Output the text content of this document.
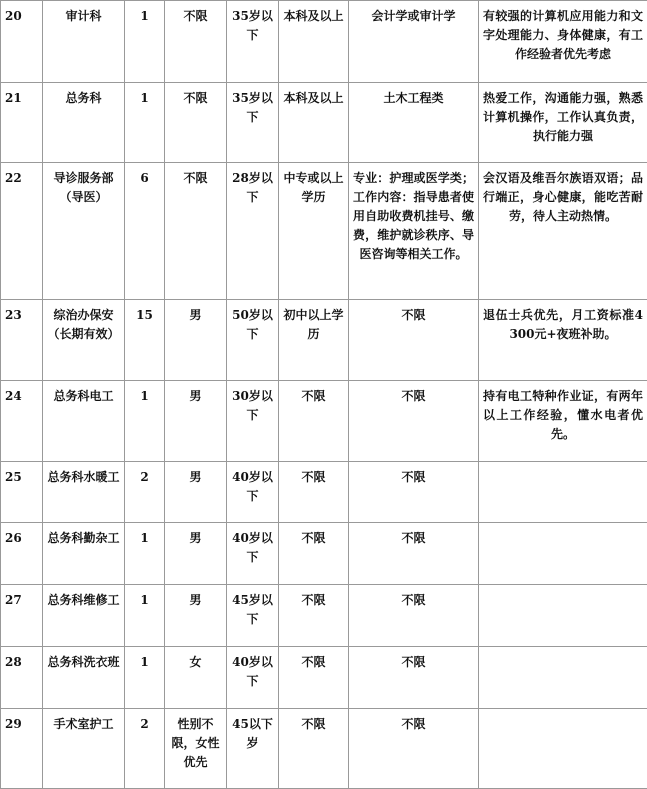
20	审计科	1	不限	35岁以下	本科及以上	会计学或审计学	有较强的计算机应用能力和文字处理能力、身体健康，有工作经验者优先考虑
21	总务科	1	不限	35岁以下	本科及以上	土木工程类	热爱工作，沟通能力强，熟悉计算机操作，工作认真负责，执行能力强
22	导诊服务部（导医）	6	不限	28岁以下	中专或以上学历	专业：护理或医学类；工作内容：指导患者使用自助收费机挂号、缴费，维护就诊秩序、导医咨询等相关工作。	会汉语及维吾尔族语双语；品行端正，身心健康，能吃苦耐劳，待人主动热情。
23	综治办保安（长期有效）	15	男	50岁以下	初中以上学历	不限	退伍士兵优先，月工资标准4300元+夜班补助。
24	总务科电工	1	男	30岁以下	不限	不限	持有电工特种作业证，有两年以上工作经验，懂水电者优先。
25	总务科水暖工	2	男	40岁以下	不限	不限	
26	总务科勤杂工	1	男	40岁以下	不限	不限	
27	总务科维修工	1	男	45岁以下	不限	不限	
28	总务科洗衣班	1	女	40岁以下	不限	不限	
29	手术室护工	2	性别不限，女性优先	45以下岁	不限	不限	
